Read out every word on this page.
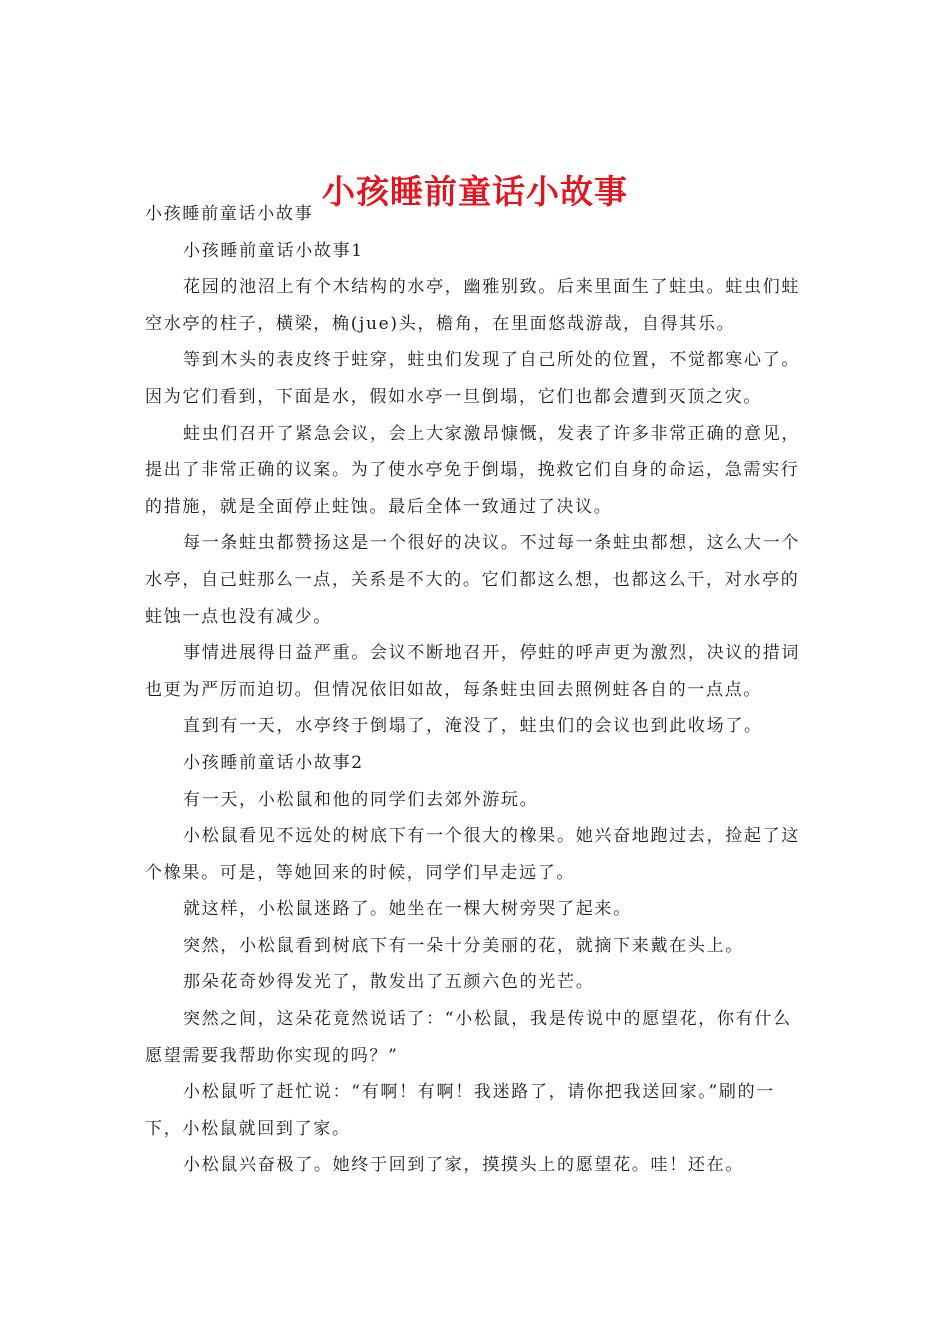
小孩睡前童话小故事

小孩睡前童话小故事

小孩睡前童话小故事1

花园的池沼上有个木结构的水亭，幽雅别致。后来里面生了蛀虫。蛀虫们蛀空水亭的柱子，横梁，桷(jue)头，檐角，在里面悠哉游哉，自得其乐。

等到木头的表皮终于蛀穿，蛀虫们发现了自己所处的位置，不觉都寒心了。因为它们看到，下面是水，假如水亭一旦倒塌，它们也都会遭到灭顶之灾。

蛀虫们召开了紧急会议，会上大家激昂慷慨，发表了许多非常正确的意见，提出了非常正确的议案。为了使水亭免于倒塌，挽救它们自身的命运，急需实行的措施，就是全面停止蛀蚀。最后全体一致通过了决议。

每一条蛀虫都赞扬这是一个很好的决议。不过每一条蛀虫都想，这么大一个水亭，自己蛀那么一点，关系是不大的。它们都这么想，也都这么干，对水亭的蛀蚀一点也没有减少。

事情进展得日益严重。会议不断地召开，停蛀的呼声更为激烈，决议的措词也更为严厉而迫切。但情况依旧如故，每条蛀虫回去照例蛀各自的一点点。

直到有一天，水亭终于倒塌了，淹没了，蛀虫们的会议也到此收场了。

小孩睡前童话小故事2

有一天，小松鼠和他的同学们去郊外游玩。

小松鼠看见不远处的树底下有一个很大的橡果。她兴奋地跑过去，捡起了这个橡果。可是，等她回来的时候，同学们早走远了。

就这样，小松鼠迷路了。她坐在一棵大树旁哭了起来。

突然，小松鼠看到树底下有一朵十分美丽的花，就摘下来戴在头上。

那朵花奇妙得发光了，散发出了五颜六色的光芒。

突然之间，这朵花竟然说话了：“小松鼠，我是传说中的愿望花，你有什么愿望需要我帮助你实现的吗？”

小松鼠听了赶忙说：“有啊！有啊！我迷路了，请你把我送回家。”刷的一下，小松鼠就回到了家。

小松鼠兴奋极了。她终于回到了家，摸摸头上的愿望花。哇！还在。
